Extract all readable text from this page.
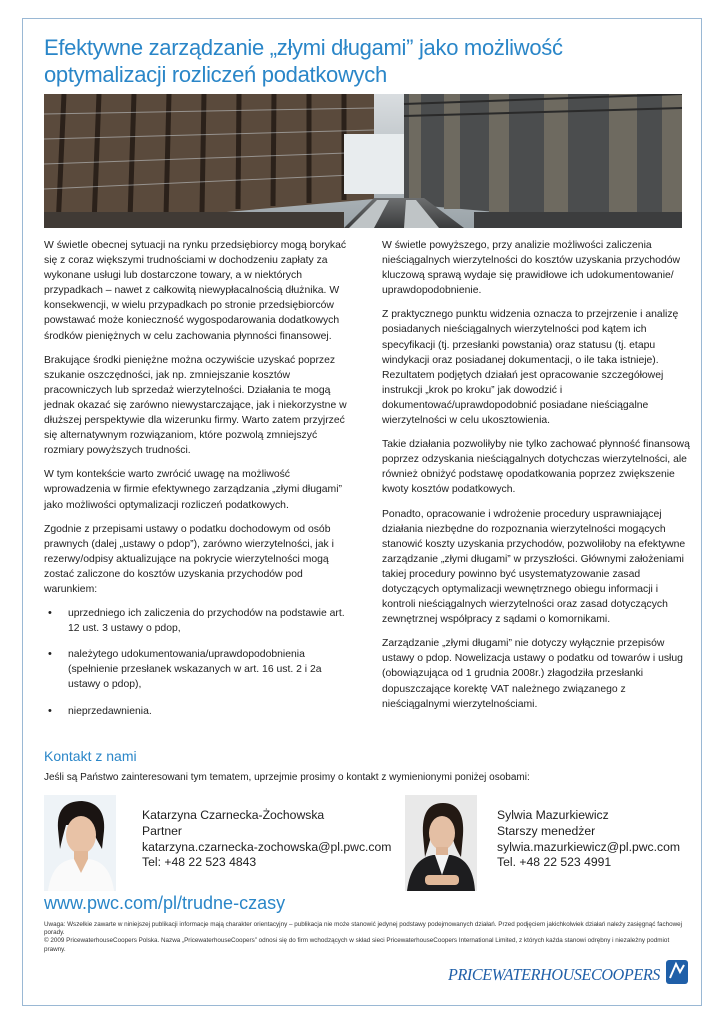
Efektywne zarządzanie „złymi długami” jako możliwość
optymalizacji rozliczeń podatkowych

W świetle obecnej sytuacji na rynku przedsiębiorcy mogą borykać się z coraz większymi trudnościami w dochodzeniu zapłaty za wykonane usługi lub dostarczone towary, a w niektórych przypadkach – nawet z całkowitą niewypłacalnością dłużnika. W konsekwencji, w wielu przypadkach po stronie przedsiębiorców powstawać może konieczność wygospodarowania dodatkowych środków pieniężnych w celu zachowania płynności finansowej.

Brakujące środki pieniężne można oczywiście uzyskać poprzez szukanie oszczędności, jak np. zmniejszanie kosztów pracowniczych lub sprzedaż wierzytelności. Działania te mogą jednak okazać się zarówno niewystarczające, jak i niekorzystne w dłuższej perspektywie dla wizerunku firmy. Warto zatem przyjrzeć się alternatywnym rozwiązaniom, które pozwolą zmniejszyć rozmiary powyższych trudności.

W tym kontekście warto zwrócić uwagę na możliwość wprowadzenia w firmie efektywnego zarządzania „złymi długami” jako możliwości optymalizacji rozliczeń podatkowych.

Zgodnie z przepisami ustawy o podatku dochodowym od osób prawnych (dalej „ustawy o pdop”), zarówno wierzytelności, jak i rezerwy/odpisy aktualizujące na pokrycie wierzytelności mogą zostać zaliczone do kosztów uzyskania przychodów pod warunkiem:

• uprzedniego ich zaliczenia do przychodów na podstawie art. 12 ust. 3 ustawy o pdop,
• należytego udokumentowania/uprawdopodobnienia (spełnienie przesłanek wskazanych w art. 16 ust. 2 i 2a ustawy o pdop),
• nieprzedawnienia.

W świetle powyższego, przy analizie możliwości zaliczenia nieściągalnych wierzytelności do kosztów uzyskania przychodów kluczową sprawą wydaje się prawidłowe ich udokumentowanie/ uprawdopodobnienie.

Z praktycznego punktu widzenia oznacza to przejrzenie i analizę posiadanych nieściągalnych wierzytelności pod kątem ich specyfikacji (tj. przesłanki powstania) oraz statusu (tj. etapu windykacji oraz posiadanej dokumentacji, o ile taka istnieje). Rezultatem podjętych działań jest opracowanie szczegółowej instrukcji „krok po kroku” jak dowodzić i dokumentować/uprawdopodobnić posiadane nieściągalne wierzytelności w celu ukosztowienia.

Takie działania pozwoliłyby nie tylko zachować płynność finansową poprzez odzyskania nieściągalnych dotychczas wierzytelności, ale również obniżyć podstawę opodatkowania poprzez zwiększenie kwoty kosztów podatkowych.

Ponadto, opracowanie i wdrożenie procedury usprawniającej działania niezbędne do rozpoznania wierzytelności mogących stanowić koszty uzyskania przychodów, pozwoliłoby na efektywne zarządzanie „złymi długami” w przyszłości. Głównymi założeniami takiej procedury powinno być usystematyzowanie zasad dotyczących optymalizacji wewnętrznego obiegu informacji i kontroli nieściągalnych wierzytelności oraz zasad dotyczących zewnętrznej współpracy z sądami o komornikami.

Zarządzanie „złymi długami” nie dotyczy wyłącznie przepisów ustawy o pdop. Nowelizacja ustawy o podatku od towarów i usług (obowiązująca od 1 grudnia 2008r.) złagodziła przesłanki dopuszczające korektę VAT należnego związanego z nieściągalnymi wierzytelnościami.

Kontakt z nami
Jeśli są Państwo zainteresowani tym tematem, uprzejmie prosimy o kontakt z wymienionymi poniżej osobami:
Katarzyna Czarnecka-Żochowska
Partner
katarzyna.czarnecka-zochowska@pl.pwc.com
Tel: +48 22 523 4843
Sylwia Mazurkiewicz
Starszy menedżer
sylwia.mazurkiewicz@pl.pwc.com
Tel. +48 22 523 4991
www.pwc.com/pl/trudne-czasy
Uwaga: Wszelkie zawarte w niniejszej publikacji informacje mają charakter orientacyjny – publikacja nie może stanowić jedynej podstawy podejmowanych działań. Przed podjęciem jakichkolwiek działań należy zasięgnąć fachowej porady.
© 2009 PricewaterhouseCoopers Polska. Nazwa „PricewaterhouseCoopers” odnosi się do firm wchodzących w skład sieci PricewaterhouseCoopers International Limited, z których każda stanowi odrębny i niezależny podmiot prawny.
PRICEWATERHOUSECOOPERS
